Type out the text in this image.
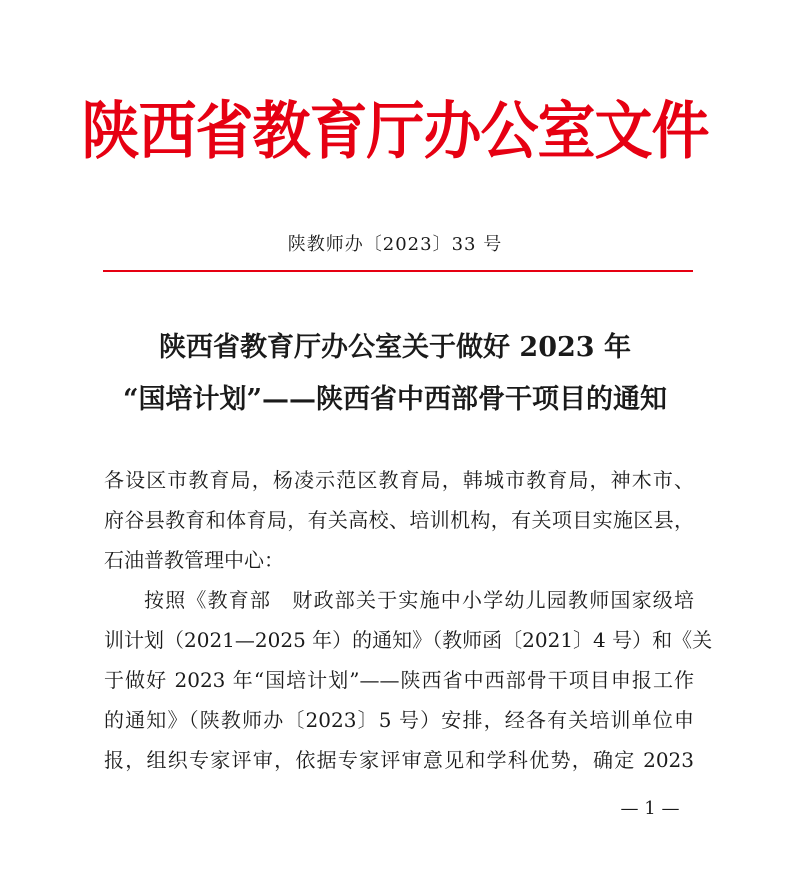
陕西省教育厅办公室文件
陕教师办〔2023〕33 号
陕西省教育厅办公室关于做好 2023 年
“国培计划”——陕西省中西部骨干项目的通知
各设区市教育局，杨凌示范区教育局，韩城市教育局，神木市、
府谷县教育和体育局，有关高校、培训机构，有关项目实施区县，
石油普教管理中心：
按照《教育部　财政部关于实施中小学幼儿园教师国家级培
训计划（2021—2025 年）的通知》（教师函〔2021〕4 号）和《关
于做好 2023 年“国培计划”——陕西省中西部骨干项目申报工作
的通知》（陕教师办〔2023〕5 号）安排，经各有关培训单位申
报，组织专家评审，依据专家评审意见和学科优势，确定 2023
— 1 —
